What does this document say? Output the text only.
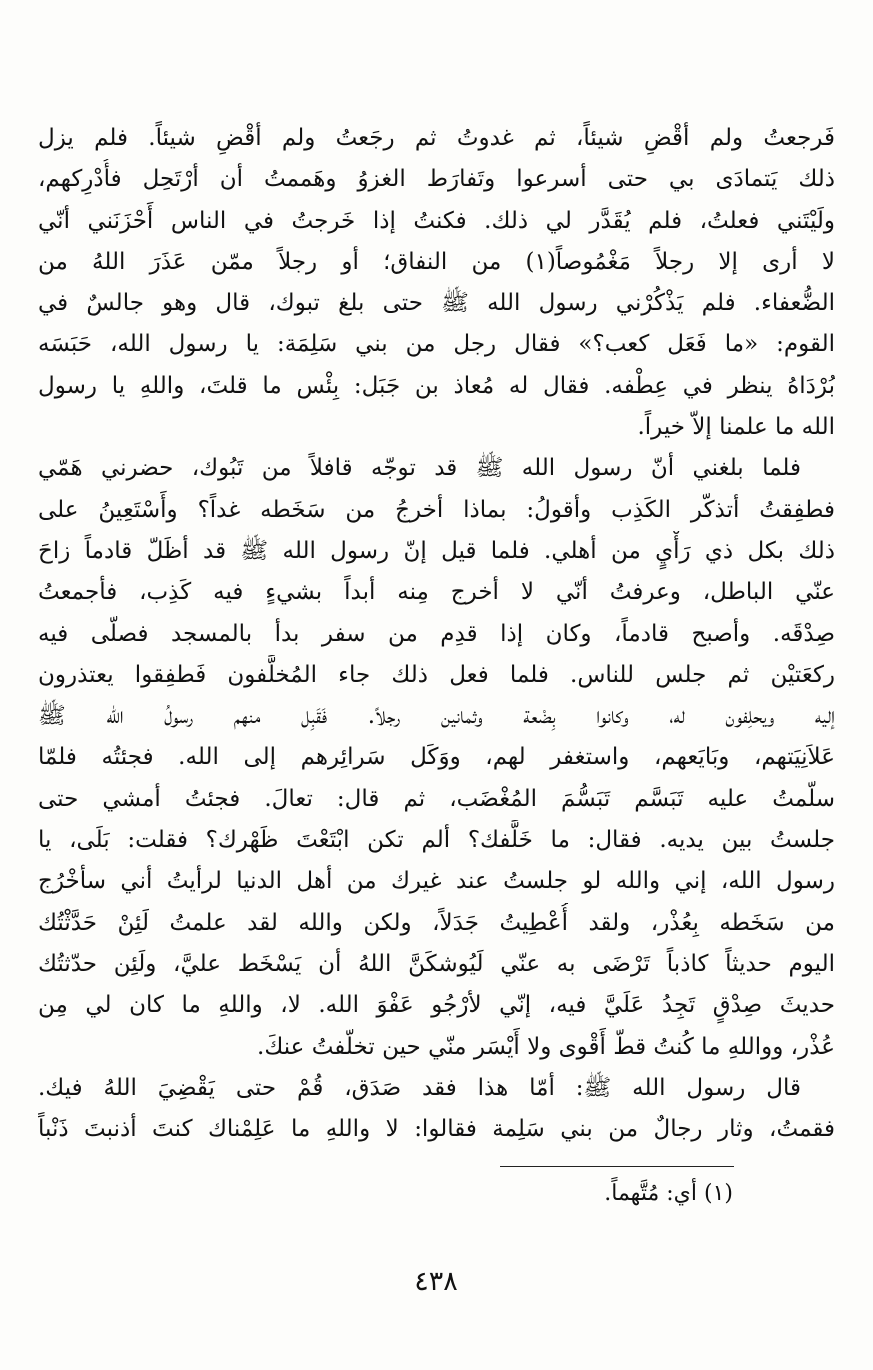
فَرجعتُ ولم أقْضِ شيئاً، ثم غدوتُ ثم رجَعتُ ولم أقْضِ شيئاً. فلم يزل
ذلك يَتمادَى بي حتى أسرعوا وتَفارَط الغزوُ وهَممتُ أن أرْتَحِل فأُدْرِكهم،
ولَيْتَني فعلتُ، فلم يُقَدَّر لي ذلك. فكنتُ إذا خَرجتُ في الناس أَحْزَنَني أنّي
لا أرى إلا رجلاً مَغْمُوصاً(١) من النفاق؛ أو رجلاً ممّن عَذَرَ اللهُ من
الضُّعفاء. فلم يَذْكُرْني رسول الله ﷺ حتى بلغ تبوك، قال وهو جالسٌ في
القوم: «ما فَعَل كعب؟» فقال رجل من بني سَلِمَة: يا رسول الله، حَبَسَه
بُرْدَاهُ ينظر في عِطْفه. فقال له مُعاذ بن جَبَل: بِئْس ما قلتَ، واللهِ يا رسول
الله ما علمنا إلاّ خيراً.
فلما بلغني أنّ رسول الله ﷺ قد توجّه قافلاً من تَبُوك، حضرني هَمّي
فطفِقتُ أتذكّر الكَذِب وأقولُ: بماذا أخرجُ من سَخَطه غداً؟ وأَسْتَعِينُ على
ذلك بكل ذي رَأْيٍ من أهلي. فلما قيل إنّ رسول الله ﷺ قد أظَلّ قادماً زاحَ
عنّي الباطل، وعرفتُ أنّي لا أخرج مِنه أبداً بشيءٍ فيه كَذِب، فأجمعتُ
صِدْقَه. وأصبح قادماً، وكان إذا قدِم من سفر بدأ بالمسجد فصلّى فيه
ركعَتيْن ثم جلس للناس. فلما فعل ذلك جاء المُخلَّفون فَطفِقوا يعتذرون
إليه ويحلِفون له، وكانوا بِضْعة وثمانين رجلاً. فَقَبِل منهم رسولُ الله ﷺ
عَلاَنِيَتهم، وبَايَعهم، واستغفر لهم، ووَكَل سَرائِرهم إلى الله. فجئتُه فلمّا
سلّمتُ عليه تَبَسَّم تَبَسُّمَ المُغْضَب، ثم قال: تعالَ. فجئتُ أمشي حتى
جلستُ بين يديه. فقال: ما خَلَّفك؟ ألم تكن ابْتَعْتَ ظَهْرك؟ فقلت: بَلَى، يا
رسول الله، إني والله لو جلستُ عند غيرك من أهل الدنيا لرأيتُ أني سأخْرُج
من سَخَطه بِعُذْر، ولقد أُعْطِيتُ جَدَلاً، ولكن والله لقد علمتُ لَئِنْ حَدَّثْتُك
اليوم حديثاً كاذباً تَرْضَى به عنّي لَيُوشكَنَّ اللهُ أن يَسْخَط عليَّ، ولَئِن حدّثتُك
حديثَ صِدْقٍ تَجِدُ عَلَيَّ فيه، إنّي لأرْجُو عَفْوَ الله. لا، واللهِ ما كان لي مِن
عُذْر، وواللهِ ما كُنتُ قطّ أَقْوى ولا أَيْسَر منّي حين تخلّفتُ عنكَ.
قال رسول الله ﷺ: أمّا هذا فقد صَدَق، قُمْ حتى يَقْضِيَ اللهُ فيك.
فقمتُ، وثار رجالٌ من بني سَلِمة فقالوا: لا واللهِ ما عَلِمْناك كنتَ أذنبتَ ذَنْباً
(١) أي: مُتَّهماً.
٤٣٨
